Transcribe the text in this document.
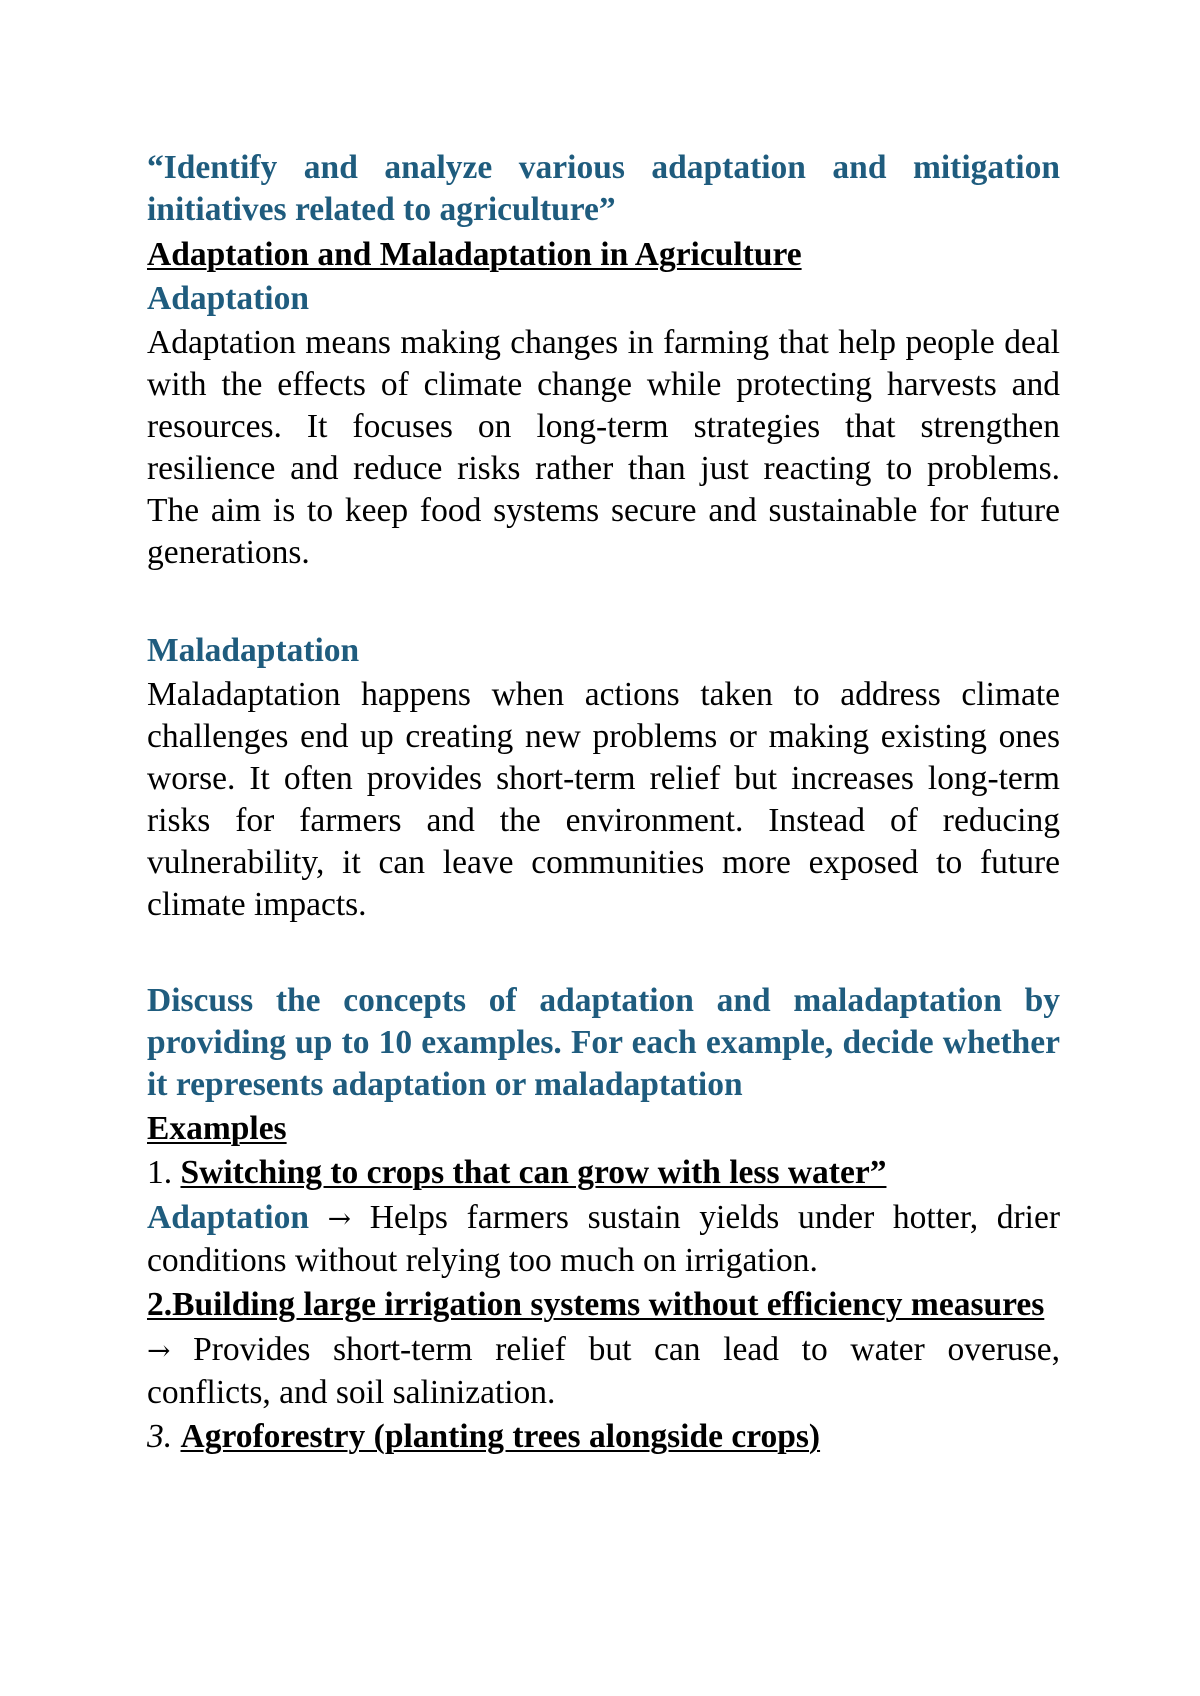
“Identify and analyze various adaptation and mitigation initiatives related to agriculture”

Adaptation and Maladaptation in Agriculture

Adaptation

Adaptation means making changes in farming that help people deal with the effects of climate change while protecting harvests and resources. It focuses on long-term strategies that strengthen resilience and reduce risks rather than just reacting to problems. The aim is to keep food systems secure and sustainable for future generations.

Maladaptation

Maladaptation happens when actions taken to address climate challenges end up creating new problems or making existing ones worse. It often provides short-term relief but increases long-term risks for farmers and the environment. Instead of reducing vulnerability, it can leave communities more exposed to future climate impacts.

Discuss the concepts of adaptation and maladaptation by providing up to 10 examples. For each example, decide whether it represents adaptation or maladaptation

Examples

1. Switching to crops that can grow with less water”

Adaptation → Helps farmers sustain yields under hotter, drier conditions without relying too much on irrigation.

2.Building large irrigation systems without efficiency measures

→ Provides short-term relief but can lead to water overuse, conflicts, and soil salinization.

3. Agroforestry (planting trees alongside crops)
